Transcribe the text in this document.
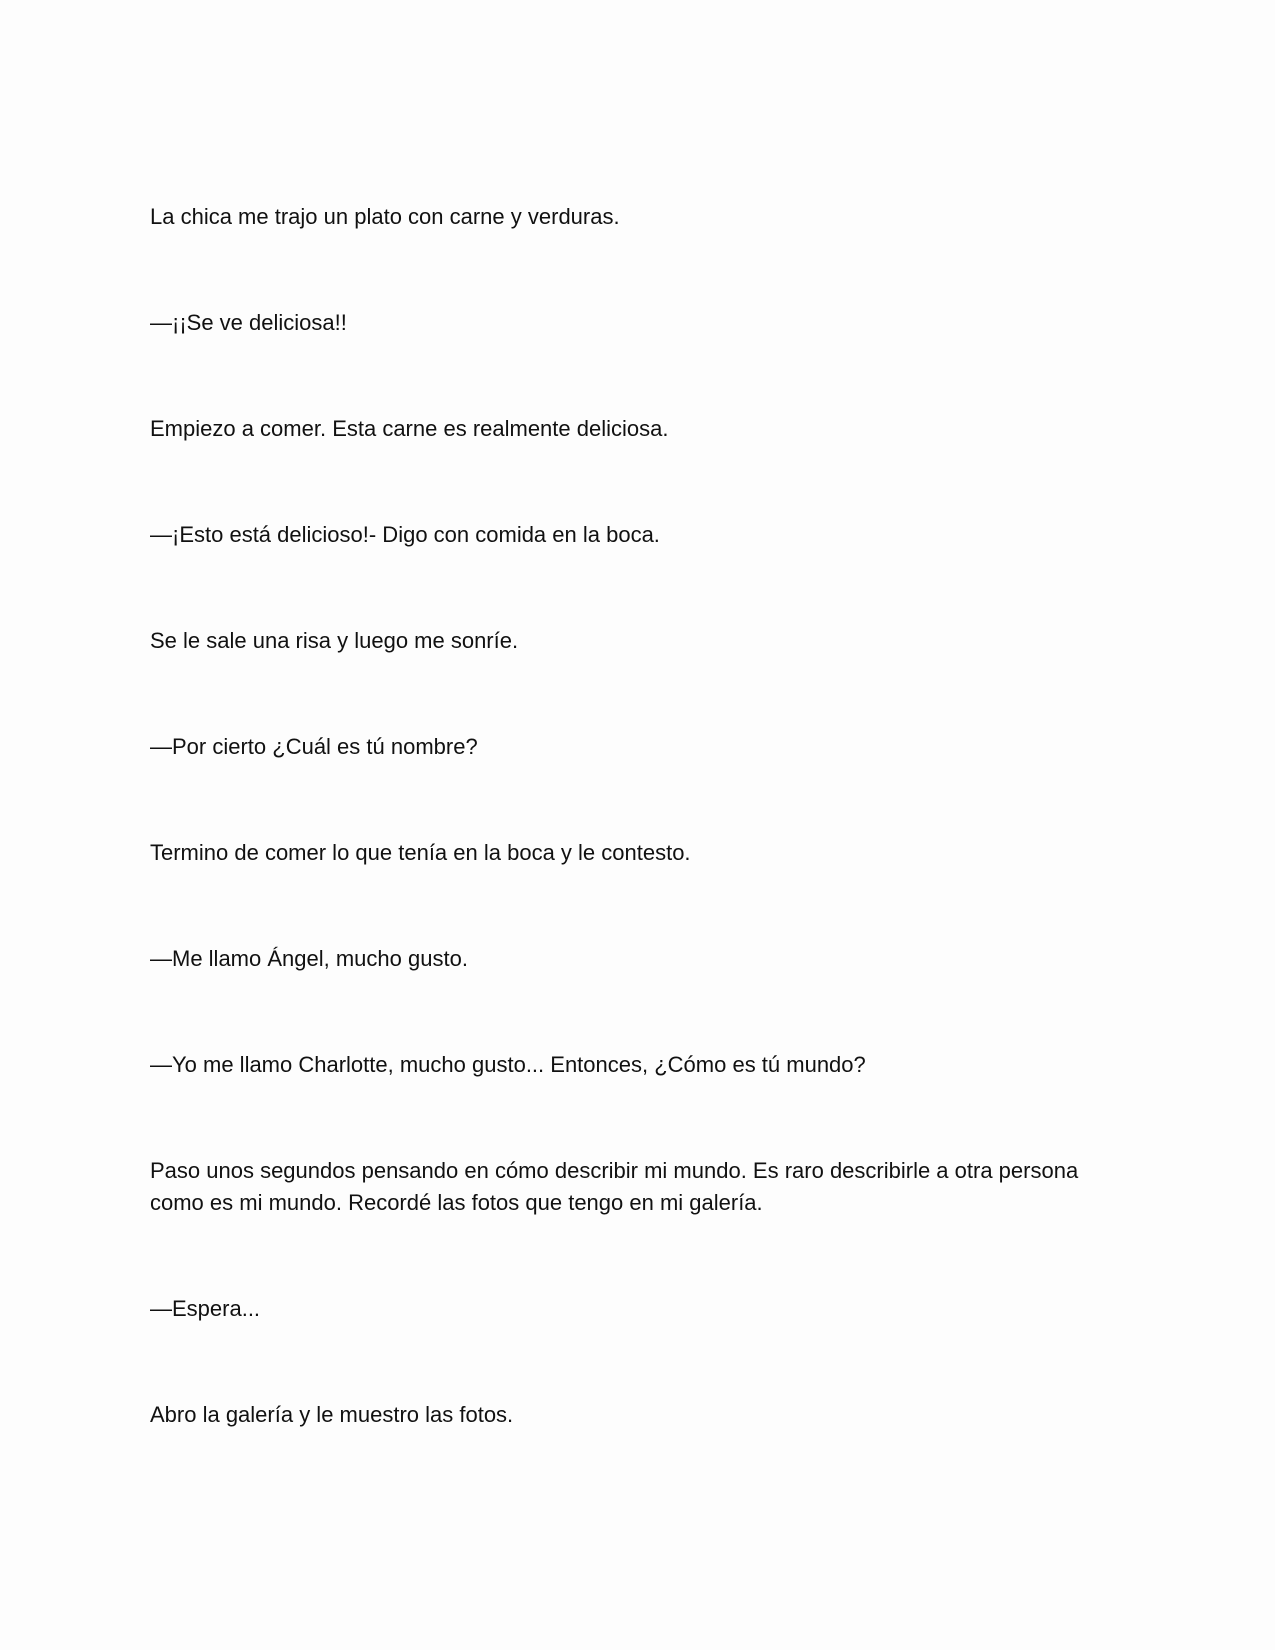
La chica me trajo un plato con carne y verduras.

—¡¡Se ve deliciosa!!

Empiezo a comer. Esta carne es realmente deliciosa.

—¡Esto está delicioso!- Digo con comida en la boca.

Se le sale una risa y luego me sonríe.

—Por cierto ¿Cuál es tú nombre?

Termino de comer lo que tenía en la boca y le contesto.

—Me llamo Ángel, mucho gusto.

—Yo me llamo Charlotte, mucho gusto... Entonces, ¿Cómo es tú mundo?

Paso unos segundos pensando en cómo describir mi mundo. Es raro describirle a otra persona como es mi mundo. Recordé las fotos que tengo en mi galería.

—Espera...

Abro la galería y le muestro las fotos.
